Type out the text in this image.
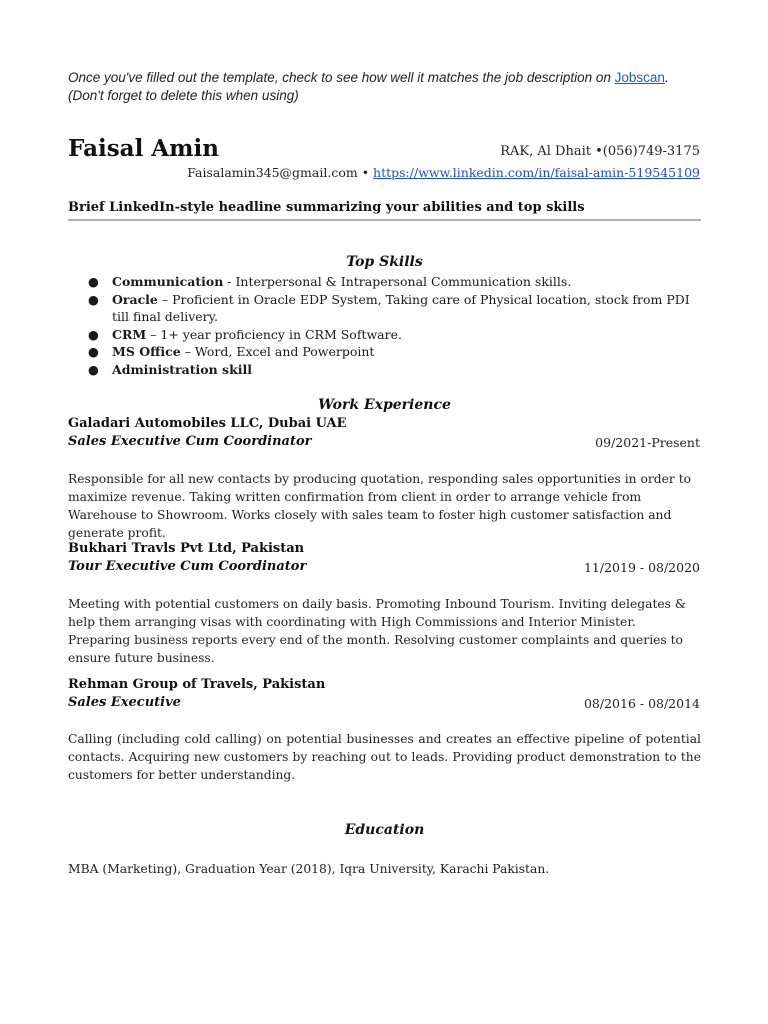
Once you've filled out the template, check to see how well it matches the job description on Jobscan.
(Don't forget to delete this when using)
Faisal Amin	RAK, Al Dhait •(056)749-3175
Faisalamin345@gmail.com • https://www.linkedin.com/in/faisal-amin-519545109
Brief LinkedIn-style headline summarizing your abilities and top skills
Top Skills
● Communication - Interpersonal & Intrapersonal Communication skills.
● Oracle – Proficient in Oracle EDP System, Taking care of Physical location, stock from PDI till final delivery.
● CRM – 1+ year proficiency in CRM Software.
● MS Office – Word, Excel and Powerpoint
● Administration skill
Work Experience
Galadari Automobiles LLC, Dubai UAE
Sales Executive Cum Coordinator	09/2021-Present
Responsible for all new contacts by producing quotation, responding sales opportunities in order to maximize revenue. Taking written confirmation from client in order to arrange vehicle from Warehouse to Showroom. Works closely with sales team to foster high customer satisfaction and generate profit.
Bukhari Travls Pvt Ltd, Pakistan
Tour Executive Cum Coordinator	11/2019 - 08/2020
Meeting with potential customers on daily basis. Promoting Inbound Tourism. Inviting delegates & help them arranging visas with coordinating with High Commissions and Interior Minister. Preparing business reports every end of the month. Resolving customer complaints and queries to ensure future business.
Rehman Group of Travels, Pakistan
Sales Executive	08/2016 - 08/2014
Calling (including cold calling) on potential businesses and creates an effective pipeline of potential contacts. Acquiring new customers by reaching out to leads. Providing product demonstration to the customers for better understanding.
Education
MBA (Marketing), Graduation Year (2018), Iqra University, Karachi Pakistan.
